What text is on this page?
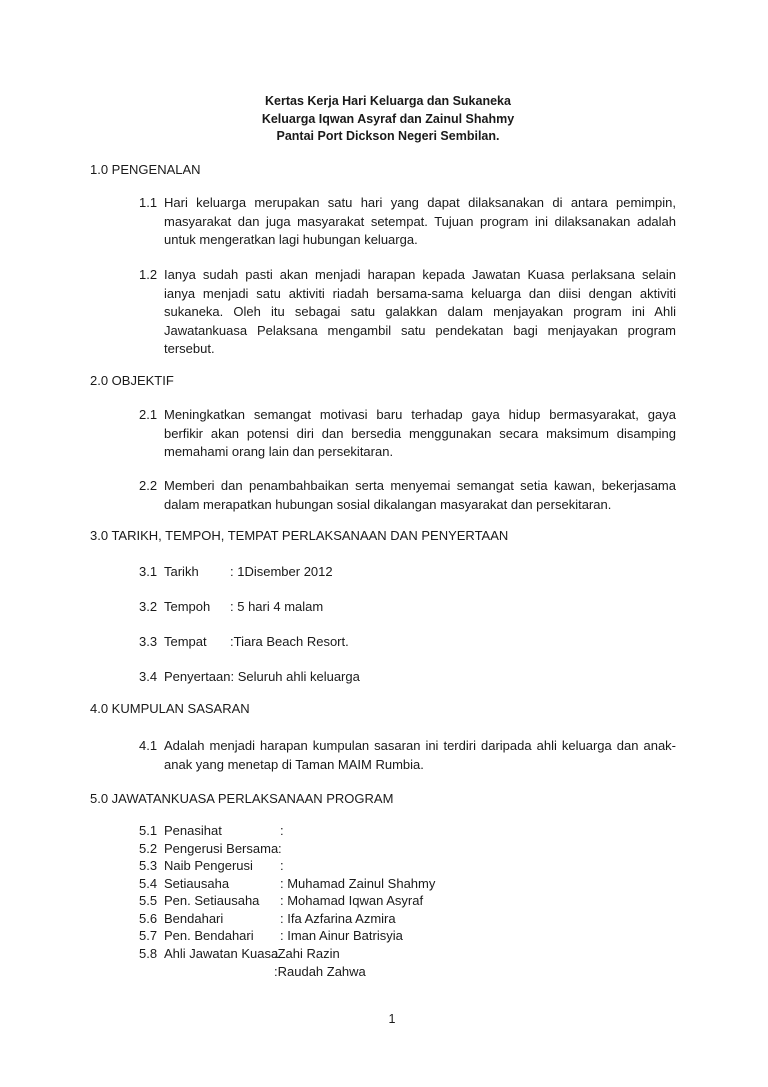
Kertas Kerja Hari Keluarga dan Sukaneka
Keluarga Iqwan Asyraf dan Zainul Shahmy
Pantai Port Dickson Negeri Sembilan.
1.0 PENGENALAN
1.1 Hari keluarga merupakan satu hari yang dapat dilaksanakan di antara pemimpin, masyarakat dan juga masyarakat setempat. Tujuan program ini dilaksanakan adalah untuk mengeratkan lagi hubungan keluarga.
1.2 Ianya sudah pasti akan menjadi harapan kepada Jawatan Kuasa perlaksana selain ianya menjadi satu aktiviti riadah bersama-sama keluarga dan diisi dengan aktiviti sukaneka. Oleh itu sebagai satu galakkan dalam menjayakan program ini Ahli Jawatankuasa Pelaksana mengambil satu pendekatan bagi menjayakan program tersebut.
2.0 OBJEKTIF
2.1 Meningkatkan semangat motivasi baru terhadap gaya hidup bermasyarakat, gaya berfikir akan potensi diri dan bersedia menggunakan secara maksimum disamping memahami orang lain dan persekitaran.
2.2 Memberi dan penambahbaikan serta menyemai semangat setia kawan, bekerjasama dalam merapatkan hubungan sosial dikalangan masyarakat dan persekitaran.
3.0 TARIKH, TEMPOH, TEMPAT PERLAKSANAAN DAN PENYERTAAN
3.1 Tarikh : 1Disember 2012
3.2 Tempoh : 5 hari 4 malam
3.3 Tempat :Tiara Beach Resort.
3.4 Penyertaan: Seluruh ahli keluarga
4.0 KUMPULAN SASARAN
4.1 Adalah menjadi harapan kumpulan sasaran ini terdiri daripada ahli keluarga dan anak-anak yang menetap di Taman MAIM Rumbia.
5.0 JAWATANKUASA PERLAKSANAAN PROGRAM
5.1 Penasihat	:
5.2 Pengerusi Bersama :
5.3 Naib Pengerusi :
5.4 Setiausaha	: Muhamad Zainul Shahmy
5.5 Pen. Setiausaha : Mohamad Iqwan Asyraf
5.6 Bendahari	: Ifa Azfarina Azmira
5.7 Pen. Bendahari : Iman Ainur Batrisyia
5.8 Ahli Jawatan Kuasa
:Zahi Razin
:Raudah Zahwa
1
